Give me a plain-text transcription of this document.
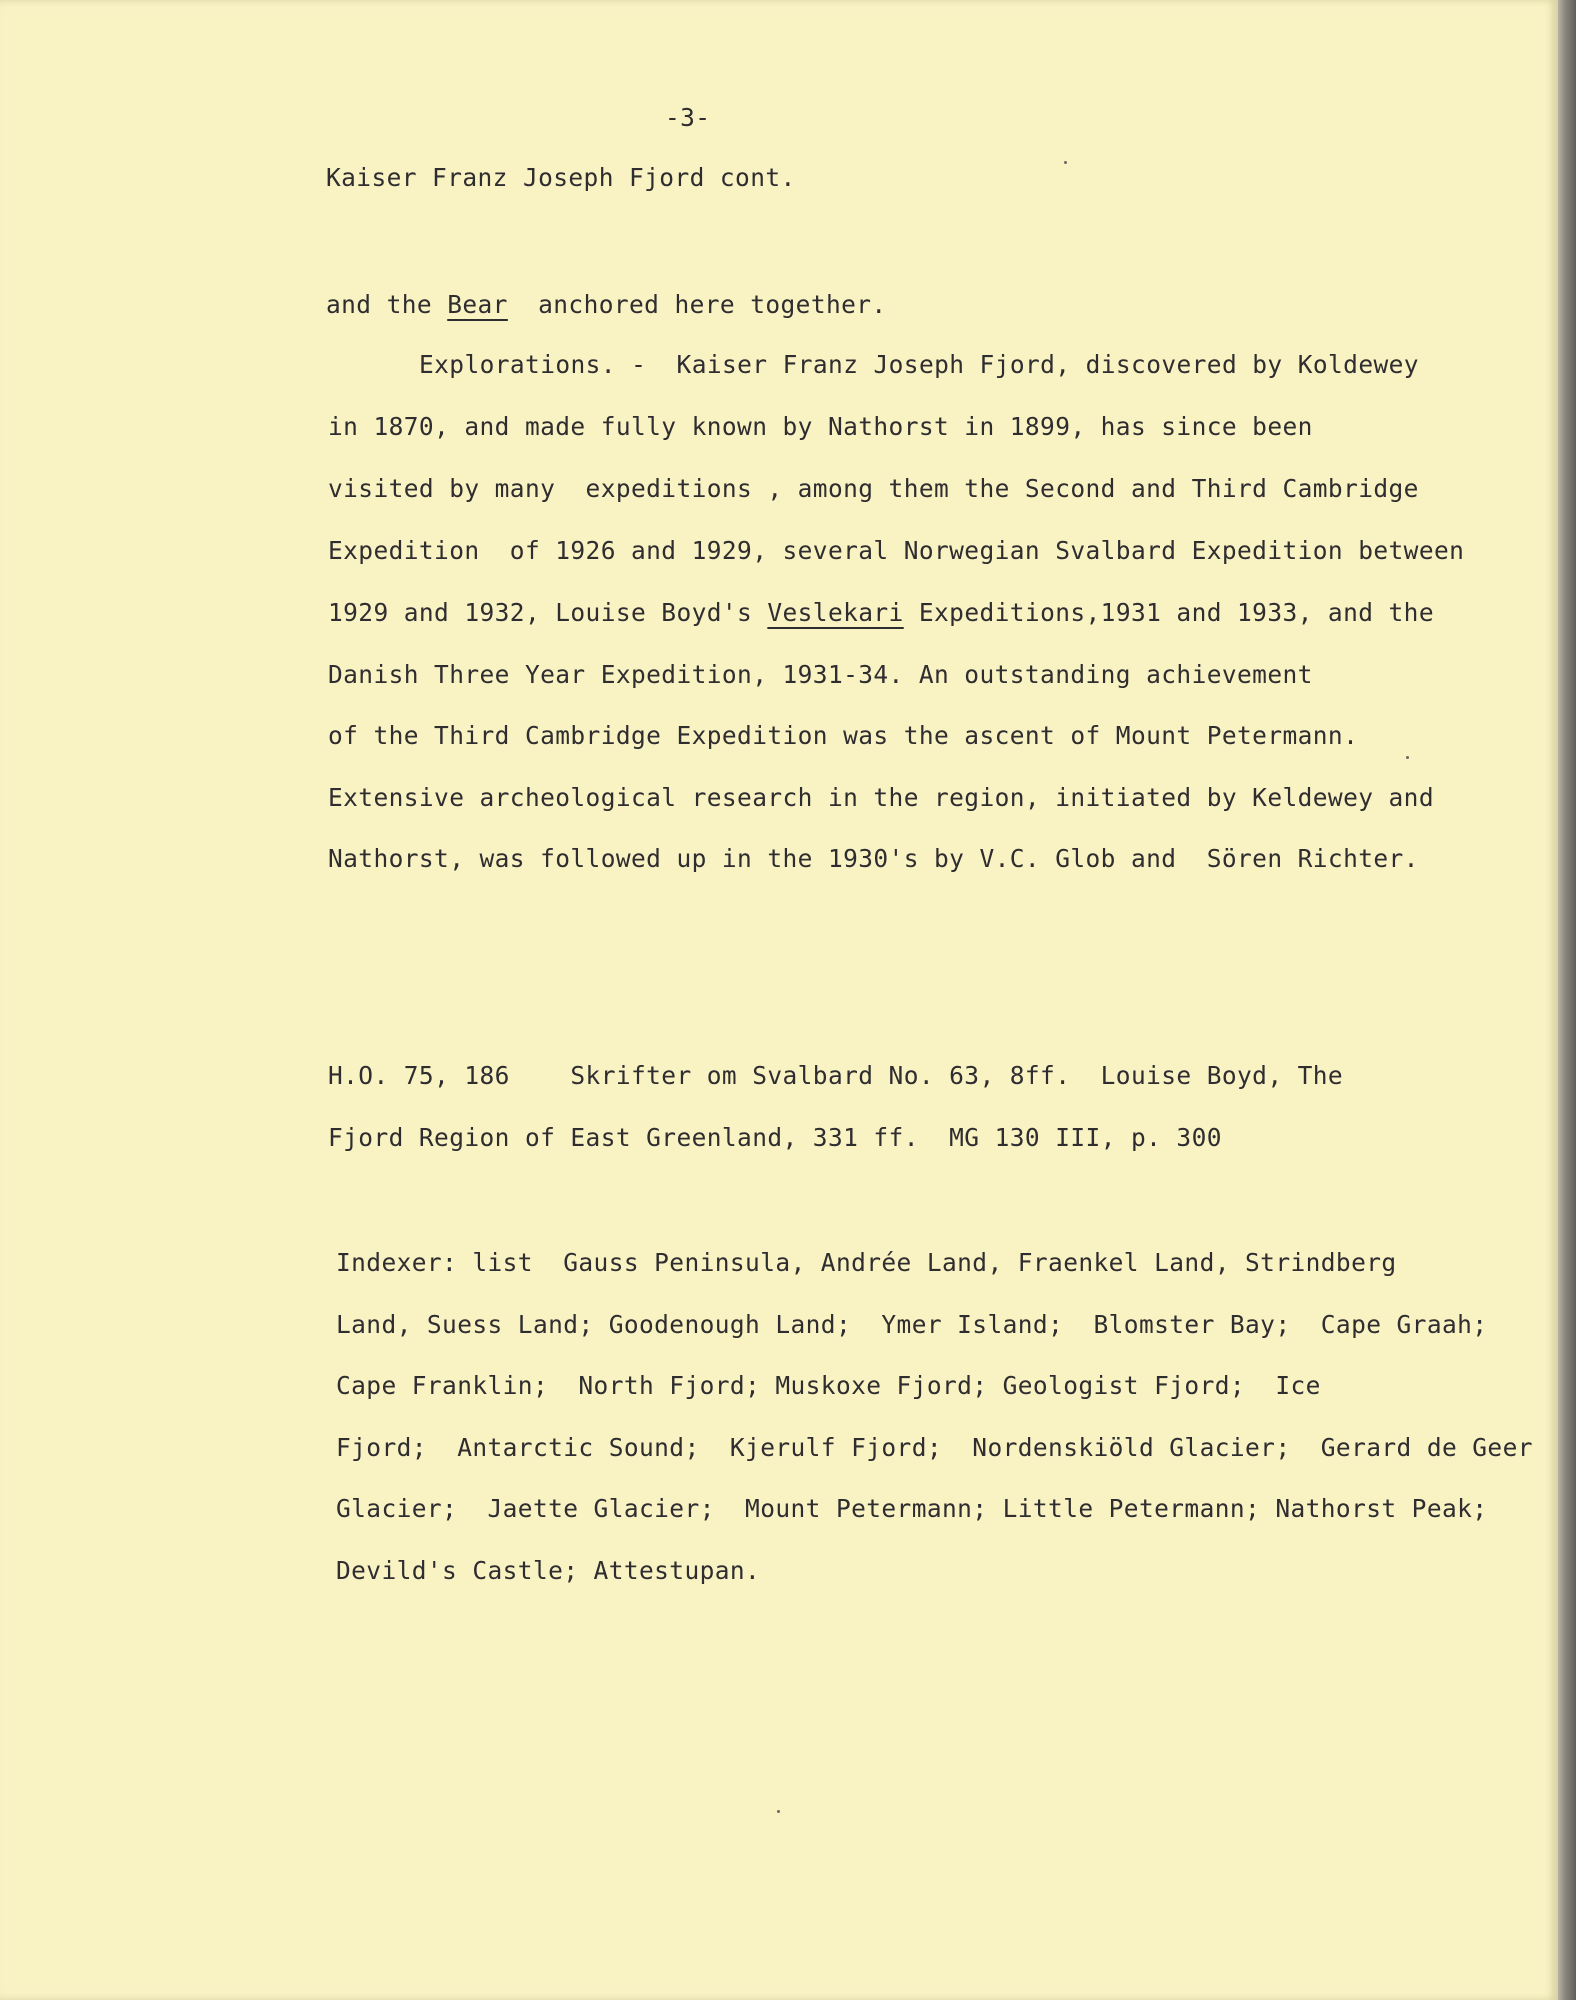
-3-

Kaiser Franz Joseph Fjord cont.

and the Bear  anchored here together.

Explorations. -  Kaiser Franz Joseph Fjord, discovered by Koldewey

in 1870, and made fully known by Nathorst in 1899, has since been

visited by many  expeditions , among them the Second and Third Cambridge

Expedition  of 1926 and 1929, several Norwegian Svalbard Expedition between

1929 and 1932, Louise Boyd's Veslekari Expeditions,1931 and 1933, and the

Danish Three Year Expedition, 1931-34. An outstanding achievement

of the Third Cambridge Expedition was the ascent of Mount Petermann.

Extensive archeological research in the region, initiated by Keldewey and

Nathorst, was followed up in the 1930's by V.C. Glob and  Sören Richter.

H.O. 75, 186    Skrifter om Svalbard No. 63, 8ff.  Louise Boyd, The

Fjord Region of East Greenland, 331 ff.  MG 130 III, p. 300

Indexer: list  Gauss Peninsula, Andrée Land, Fraenkel Land, Strindberg

Land, Suess Land; Goodenough Land;  Ymer Island;  Blomster Bay;  Cape Graah;

Cape Franklin;  North Fjord; Muskoxe Fjord; Geologist Fjord;  Ice

Fjord;  Antarctic Sound;  Kjerulf Fjord;  Nordenskiöld Glacier;  Gerard de Geer

Glacier;  Jaette Glacier;  Mount Petermann; Little Petermann; Nathorst Peak;

Devild's Castle; Attestupan.
